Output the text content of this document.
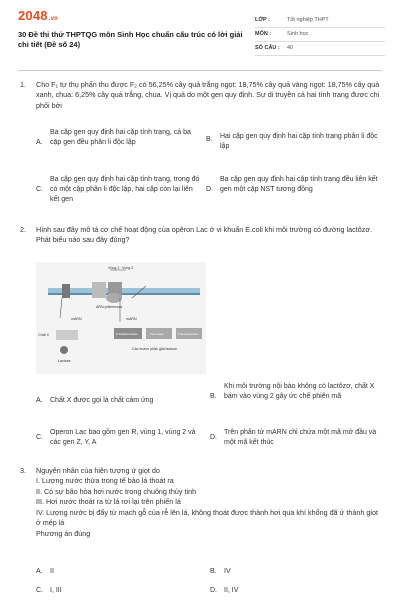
2048.vn
30 Đề thi thử THPTQG môn Sinh Học chuẩn cấu trúc có lời giải chi tiết (Đề số 24)
LỚP :	Tốt nghiệp THPT
MÔN :	Sinh học
SỐ CÂU : 40
1. Cho F₁ tự thụ phấn thu được F₂ có 56,25% cây quả trắng ngọt: 18,75% cây quả vàng ngọt: 18,75% cây quả xanh, chua: 6,25% cây quả trắng, chua. Vị quả do một gen quy định. Sự di truyền cả hai tính trạng được chi phối bởi
A.
Ba cặp gen quy định hai cặp tính trạng, cả ba cặp gen đều phân li độc lập	B. Hai cặp gen quy định hai cặp tính trạng phân li độc lập
C.
Ba cặp gen quy định hai cặp tính trạng, trong đó có một cặp phân li độc lập, hai cặp còn lại liên kết gen
D.
Ba cặp gen quy định hai cặp tính trạng đều liên kết gen một cặp NST tương đồng
2. Hình sau đây mô tả cơ chế hoạt động của opêron Lac ở vi khuẩn E.coli khi môi trường có đường lactôzơ. Phát biểu nào sau đây đúng?
Vùng 1 Vùng 2
ARN pôlimeraza
mARN	mARN
Chất X
Lactose
β-Galactosidase	Permease	Transacetylase
Các enzim phân giải lactose
A. Chất X được gọi là chất cảm ứng
B.
Khi môi trường nội bào không có lactôzơ, chất X bám vào vùng 2 gây ức chế phiên mã
C.
Operon Lac bao gồm gen R, vùng 1, vùng 2 và các gen Z, Y, A
D.
Trên phân tử mARN chỉ chứa một mã mở đầu và một mã kết thúc
3. Nguyên nhân của hiện tượng ứ giọt do
I. Lượng nước thừa trong tế bào lá thoát ra
II. Có sự bão hòa hơi nước trong chuông thủy tinh
III. Hơi nước thoát ra từ lá rơi lại trên phiến lá
IV. Lượng nước bị đẩy từ mạch gỗ của rễ lên lá, không thoát được thành hơi qua khí khổng đã ứ thành giọt ở mép lá
Phương án đúng
A. II	B. IV
C. I, III	D. II, IV
